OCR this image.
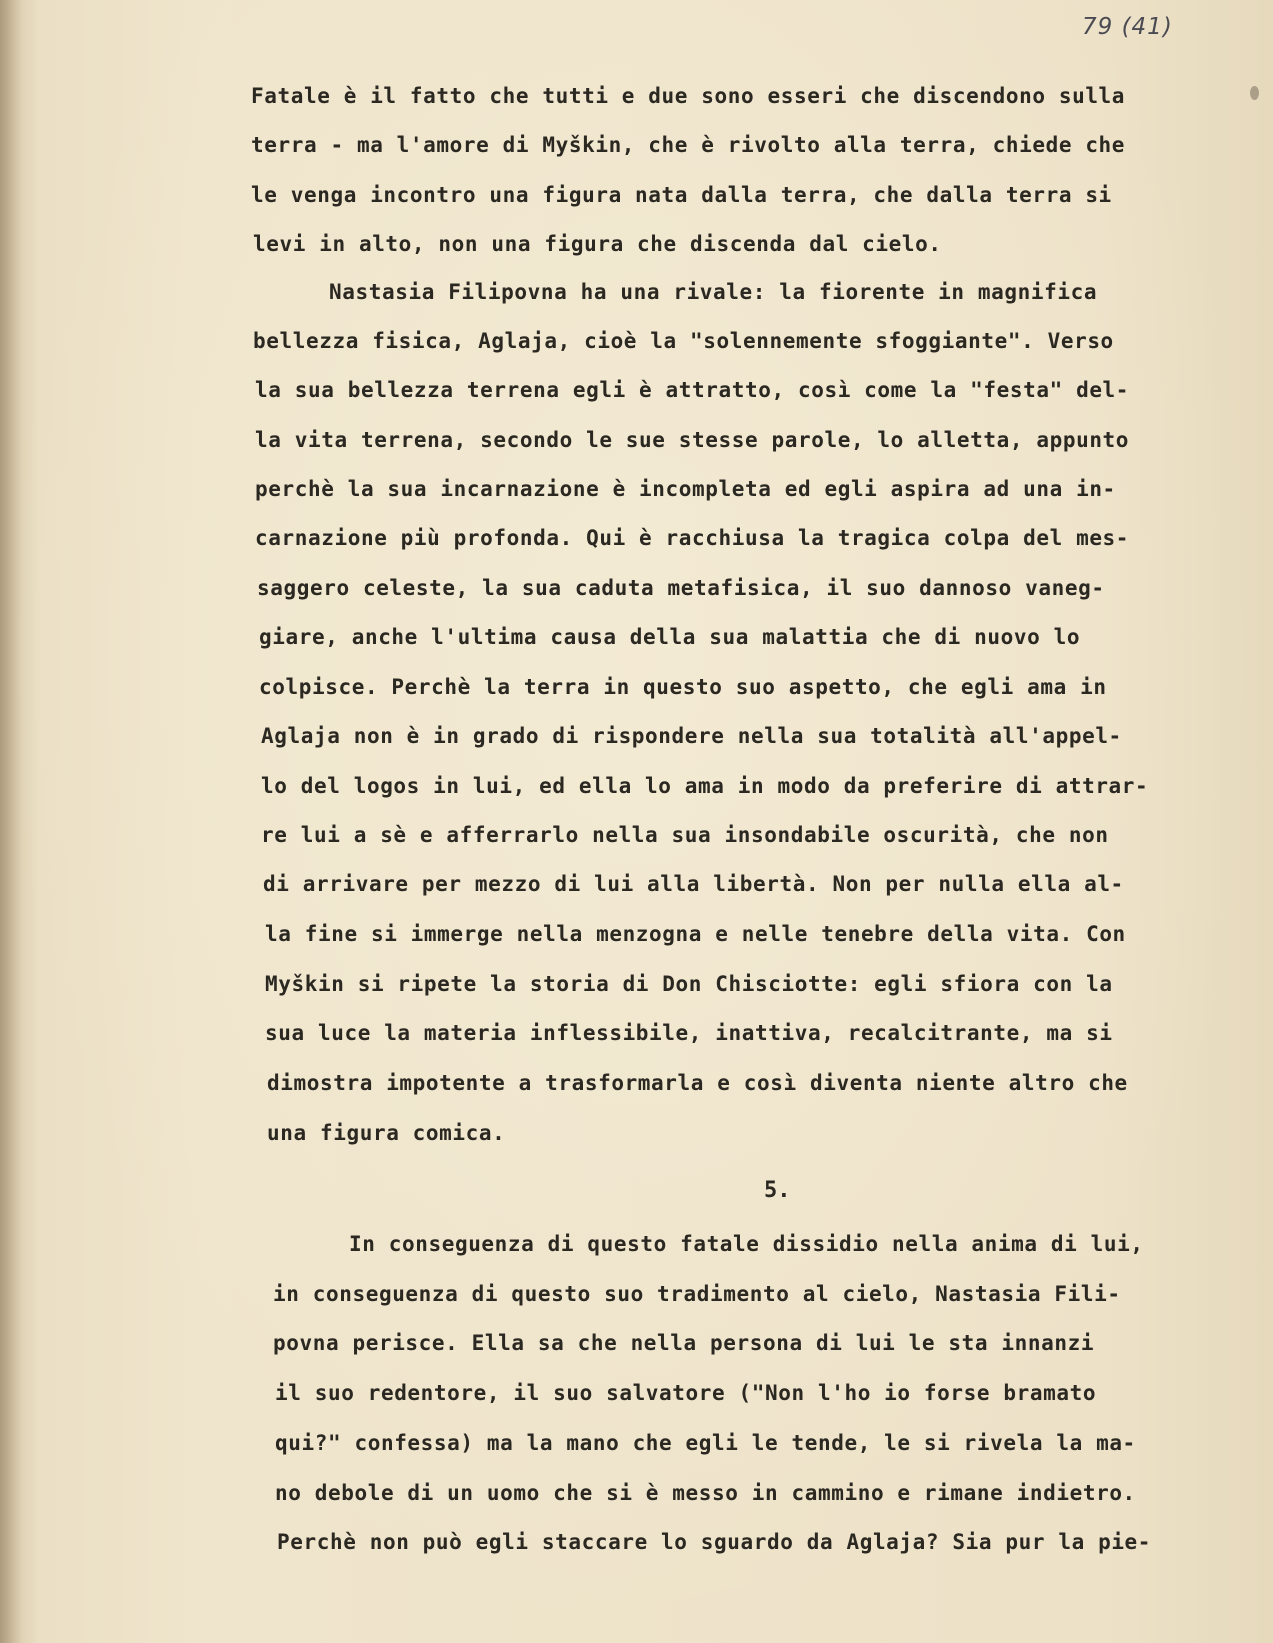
79 (41)
Fatale è il fatto che tutti e due sono esseri che discendono sulla
terra - ma l'amore di Myškin, che è rivolto alla terra, chiede che
le venga incontro una figura nata dalla terra, che dalla terra si
levi in alto, non una figura che discenda dal cielo.
Nastasia Filipovna ha una rivale: la fiorente in magnifica
bellezza fisica, Aglaja, cioè la "solennemente sfoggiante". Verso
la sua bellezza terrena egli è attratto, così come la "festa" del-
la vita terrena, secondo le sue stesse parole, lo alletta, appunto
perchè la sua incarnazione è incompleta ed egli aspira ad una in-
carnazione più profonda. Qui è racchiusa la tragica colpa del mes-
saggero celeste, la sua caduta metafisica, il suo dannoso vaneg-
giare, anche l'ultima causa della sua malattia che di nuovo lo
colpisce. Perchè la terra in questo suo aspetto, che egli ama in
Aglaja non è in grado di rispondere nella sua totalità all'appel-
lo del logos in lui, ed ella lo ama in modo da preferire di attrar-
re lui a sè e afferrarlo nella sua insondabile oscurità, che non
di arrivare per mezzo di lui alla libertà. Non per nulla ella al-
la fine si immerge nella menzogna e nelle tenebre della vita. Con
Myškin si ripete la storia di Don Chisciotte: egli sfiora con la
sua luce la materia inflessibile, inattiva, recalcitrante, ma si
dimostra impotente a trasformarla e così diventa niente altro che
una figura comica.
5.
In conseguenza di questo fatale dissidio nella anima di lui,
in conseguenza di questo suo tradimento al cielo, Nastasia Fili-
povna perisce. Ella sa che nella persona di lui le sta innanzi
il suo redentore, il suo salvatore ("Non l'ho io forse bramato
qui?" confessa) ma la mano che egli le tende, le si rivela la ma-
no debole di un uomo che si è messo in cammino e rimane indietro.
Perchè non può egli staccare lo sguardo da Aglaja? Sia pur la pie-
